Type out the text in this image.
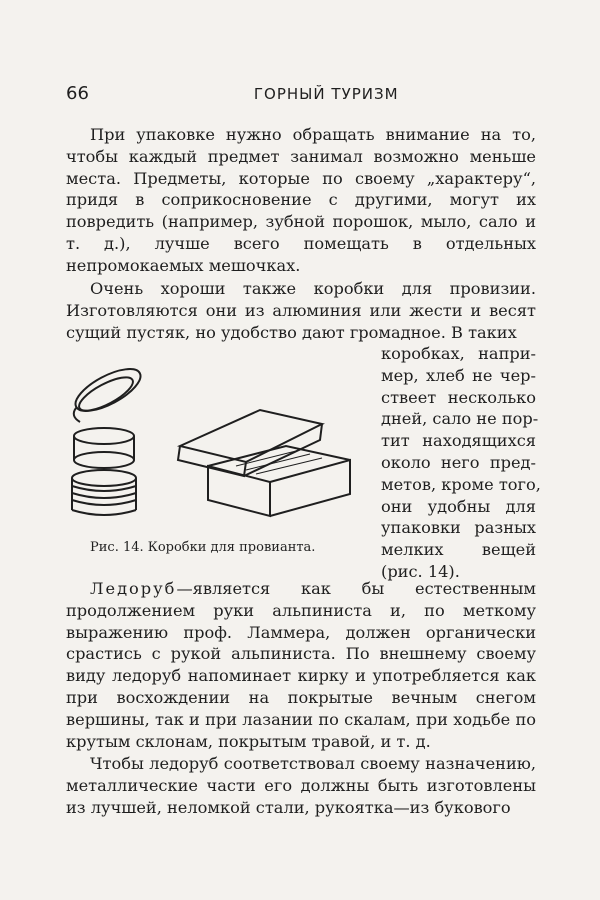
66	ГОРНЫЙ ТУРИЗМ

При упаковке нужно обращать внимание на то, чтобы каждый предмет занимал возможно меньше места. Предметы, которые по своему „характеру“, придя в соприкосновение с другими, могут их повредить (например, зубной порошок, мыло, сало и т. д.), лучше всего помещать в отдельных непромокаемых мешочках.

Очень хороши также коробки для провизии. Изготовляются они из алюминия или жести и весят сущий пустяк, но удобство дают громадное. В таких

коробках, напри-
мер, хлеб не чер-
ствеет несколько
дней, сало не пор-
тит находящихся
около него пред-
метов, кроме того,
они удобны для
упаковки разных
мелких вещей
(рис. 14).
Рис. 14. Коробки для провианта.

Ледоруб—является как бы естественным продолжением руки альпиниста и, по меткому выражению проф. Ламмера, должен органически срастись с рукой альпиниста. По внешнему своему виду ледоруб напоминает кирку и употребляется как при восхождении на покрытые вечным снегом вершины, так и при лазании по скалам, при ходьбе по крутым склонам, покрытым травой, и т. д.

Чтобы ледоруб соответствовал своему назначению, металлические части его должны быть изготовлены из лучшей, неломкой стали, рукоятка—из букового
